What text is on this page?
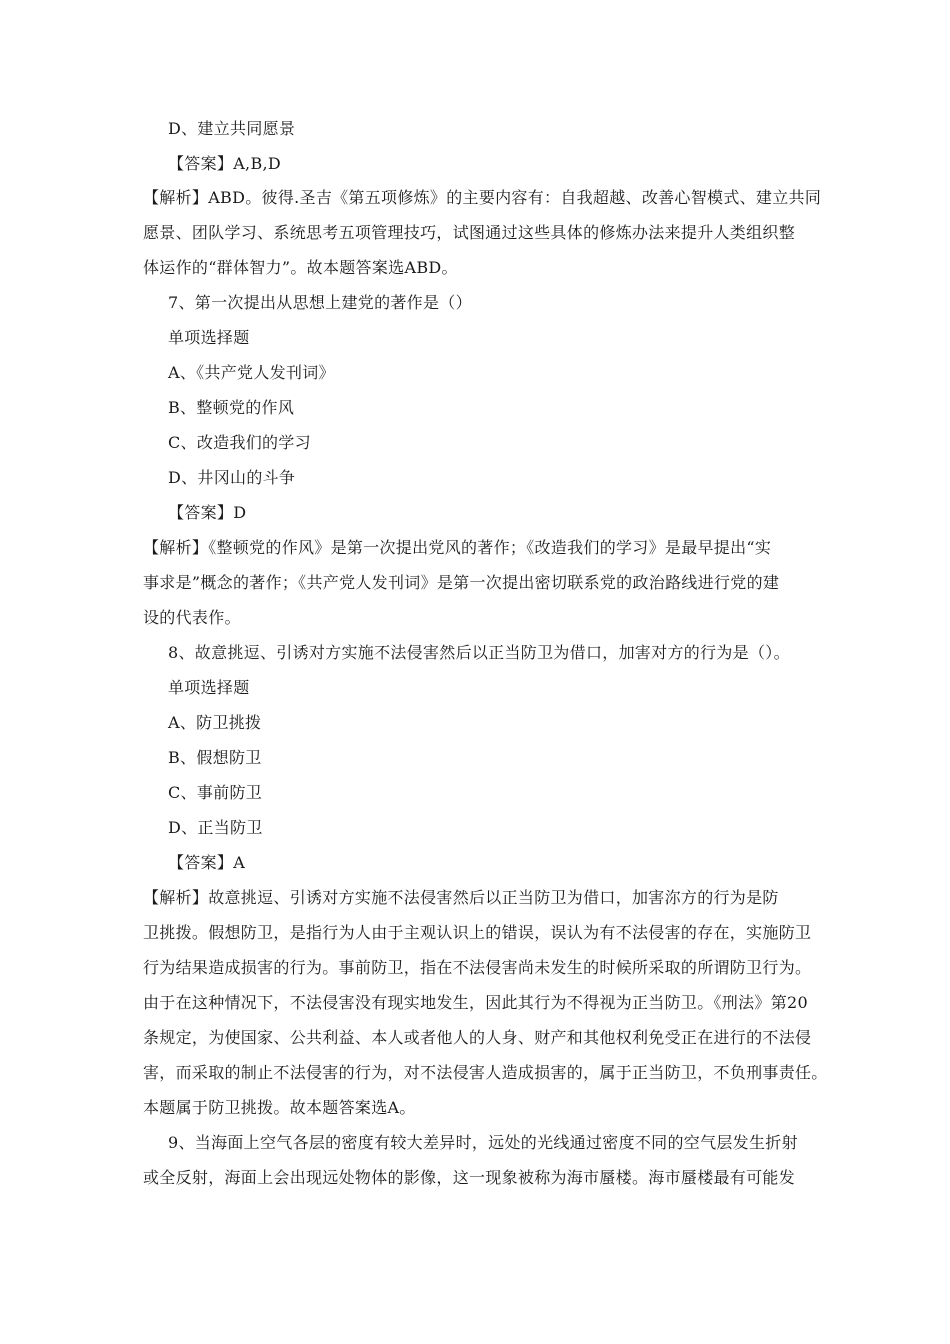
D、建立共同愿景
【答案】A,B,D
【解析】ABD。彼得.圣吉《第五项修炼》的主要内容有：自我超越、改善心智模式、建立共同
愿景、团队学习、系统思考五项管理技巧，试图通过这些具体的修炼办法来提升人类组织整
体运作的“群体智力”。故本题答案选ABD。
7、第一次提出从思想上建党的著作是（）
单项选择题
A、《共产党人发刊词》
B、整顿党的作风
C、改造我们的学习
D、井冈山的斗争
【答案】D
【解析】《整顿党的作风》是第一次提出党风的著作；《改造我们的学习》是最早提出“实
事求是”概念的著作；《共产党人发刊词》是第一次提出密切联系党的政治路线进行党的建
设的代表作。
8、故意挑逗、引诱对方实施不法侵害然后以正当防卫为借口，加害对方的行为是（）。
单项选择题
A、防卫挑拨
B、假想防卫
C、事前防卫
D、正当防卫
【答案】A
【解析】故意挑逗、引诱对方实施不法侵害然后以正当防卫为借口，加害沵方的行为是防
卫挑拨。假想防卫，是指行为人由于主观认识上的错误，误认为有不法侵害的存在，实施防卫
行为结果造成损害的行为。事前防卫，指在不法侵害尚未发生的时候所采取的所谓防卫行为。
由于在这种情况下，不法侵害没有现实地发生，因此其行为不得视为正当防卫。《刑法》第20
条规定，为使国家、公共利益、本人或者他人的人身、财产和其他权利免受正在进行的不法侵
害，而采取的制止不法侵害的行为，对不法侵害人造成损害的，属于正当防卫，不负刑事责任。
本题属于防卫挑拨。故本题答案选A。
9、当海面上空气各层的密度有较大差异时，远处的光线通过密度不同的空气层发生折射
或全反射，海面上会出现远处物体的影像，这一现象被称为海市蜃楼。海市蜃楼最有可能发
